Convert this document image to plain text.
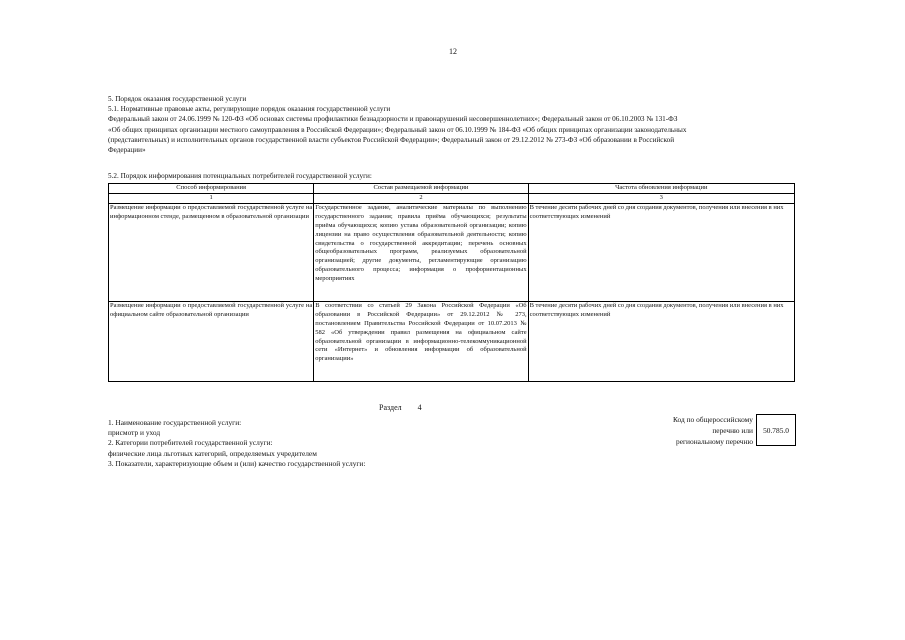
12
5. Порядок оказания государственной услуги
5.1. Нормативные правовые акты, регулирующие порядок оказания государственной услуги
Федеральный закон от 24.06.1999 № 120-ФЗ «Об основах системы профилактики безнадзорности и правонарушений несовершеннолетних»; Федеральный закон от 06.10.2003 № 131-ФЗ
«Об общих принципах организации местного самоуправления в Российской Федерации»; Федеральный закон от 06.10.1999 № 184-ФЗ «Об общих принципах организации законодательных
(представительных) и исполнительных органов государственной власти субъектов Российской Федерации»; Федеральный закон от 29.12.2012 № 273-ФЗ «Об образовании в Российской
Федерации»
5.2. Порядок информирования потенциальных потребителей государственной услуги:
Способ информирования	Состав размещаемой информации	Частота обновления информации
1	2	3
Размещение информации о предоставляемой государственной услуге на информационном стенде, размещенном в образовательной организации	Государственное задание, аналитические материалы по выполнению государственного задания; правила приёма обучающихся; результаты приёма обучающихся; копию устава образовательной организации; копию лицензии на право осуществления образовательной деятельности; копию свидетельства о государственной аккредитации; перечень основных общеобразовательных программ, реализуемых образовательной организацией; другие документы, регламентирующие организацию образовательного процесса; информация о профориентационных мероприятиях	В течение десяти рабочих дней со дня создания документов, получения или внесения в них соответствующих изменений
Размещение информации о предоставляемой государственной услуге на официальном сайте образовательной организации	В соответствии со статьей 29 Закона Российской Федерации «Об образовании в Российской Федерации» от 29.12.2012 № 273, постановлением Правительства Российской Федерации от 10.07.2013 № 582 «Об утверждении правил размещения на официальном сайте образовательной организации в информационно-телекоммуникационной сети «Интернет» и обновления информации об образовательной организации»	В течение десяти рабочих дней со дня создания документов, получения или внесения в них соответствующих изменений
Раздел 4
1. Наименование государственной услуги:
присмотр и уход
2. Категории потребителей государственной услуги:
физические лица льготных категорий, определяемых учредителем
3. Показатели, характеризующие объем и (или) качество государственной услуги:
Код по общероссийскому
перечню или
региональному перечню
50.785.0
